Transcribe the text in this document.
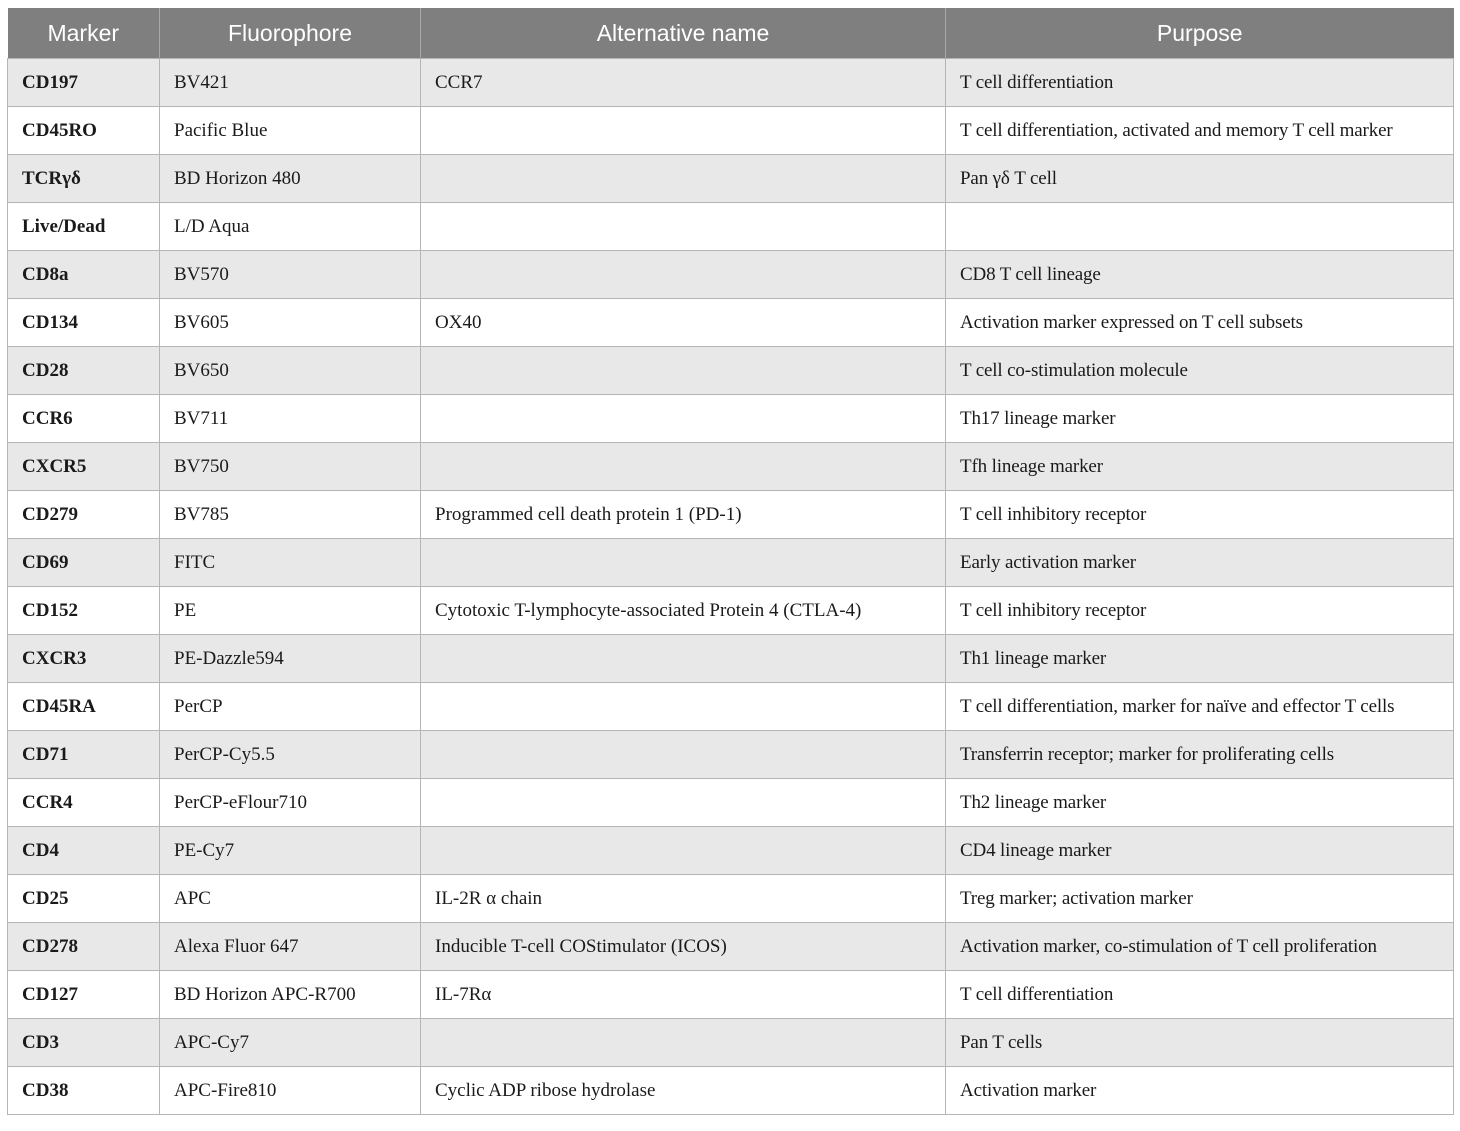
Marker	Fluorophore	Alternative name	Purpose
CD197	BV421	CCR7	T cell differentiation
CD45RO	Pacific Blue		T cell differentiation, activated and memory T cell marker
TCRγδ	BD Horizon 480		Pan γδ T cell
Live/Dead	L/D Aqua		
CD8a	BV570		CD8 T cell lineage
CD134	BV605	OX40	Activation marker expressed on T cell subsets
CD28	BV650		T cell co-stimulation molecule
CCR6	BV711		Th17 lineage marker
CXCR5	BV750		Tfh lineage marker
CD279	BV785	Programmed cell death protein 1 (PD-1)	T cell inhibitory receptor
CD69	FITC		Early activation marker
CD152	PE	Cytotoxic T-lymphocyte-associated Protein 4 (CTLA-4)	T cell inhibitory receptor
CXCR3	PE-Dazzle594		Th1 lineage marker
CD45RA	PerCP		T cell differentiation, marker for naïve and effector T cells
CD71	PerCP-Cy5.5		Transferrin receptor; marker for proliferating cells
CCR4	PerCP-eFlour710		Th2 lineage marker
CD4	PE-Cy7		CD4 lineage marker
CD25	APC	IL-2R α chain	Treg marker; activation marker
CD278	Alexa Fluor 647	Inducible T-cell COStimulator (ICOS)	Activation marker, co-stimulation of T cell proliferation
CD127	BD Horizon APC-R700	IL-7Rα	T cell differentiation
CD3	APC-Cy7		Pan T cells
CD38	APC-Fire810	Cyclic ADP ribose hydrolase	Activation marker
